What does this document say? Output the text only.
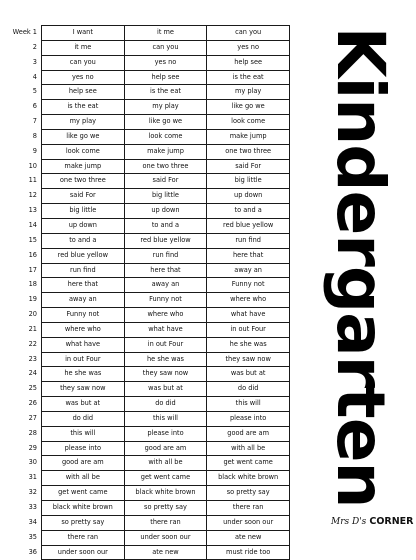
Week 1	I want	it me	can you
2	it me	can you	yes no
3	can you	yes no	help see
4	yes no	help see	is the eat
5	help see	is the eat	my play
6	is the eat	my play	like go we
7	my play	like go we	look come
8	like go we	look come	make jump
9	look come	make jump	one two three
10	make jump	one two three	said For
11	one two three	said For	big little
12	said For	big little	up down
13	big little	up down	to and a
14	up down	to and a	red blue yellow
15	to and a	red blue yellow	run find
16	red blue yellow	run find	here that
17	run find	here that	away an
18	here that	away an	Funny not
19	away an	Funny not	where who
20	Funny not	where who	what have
21	where who	what have	in out Four
22	what have	in out Four	he she was
23	in out Four	he she was	they saw now
24	he she was	they saw now	was but at
25	they saw now	was but at	do did
26	was but at	do did	this will
27	do did	this will	please into
28	this will	please into	good are am
29	please into	good are am	with all be
30	good are am	with all be	get went came
31	with all be	get went came	black white brown
32	get went came	black white brown	so pretty say
33	black white brown	so pretty say	there ran
34	so pretty say	there ran	under soon our
35	there ran	under soon our	ate new
36	under soon our	ate new	must ride too
Kindergarten
Mrs D's CORNER
